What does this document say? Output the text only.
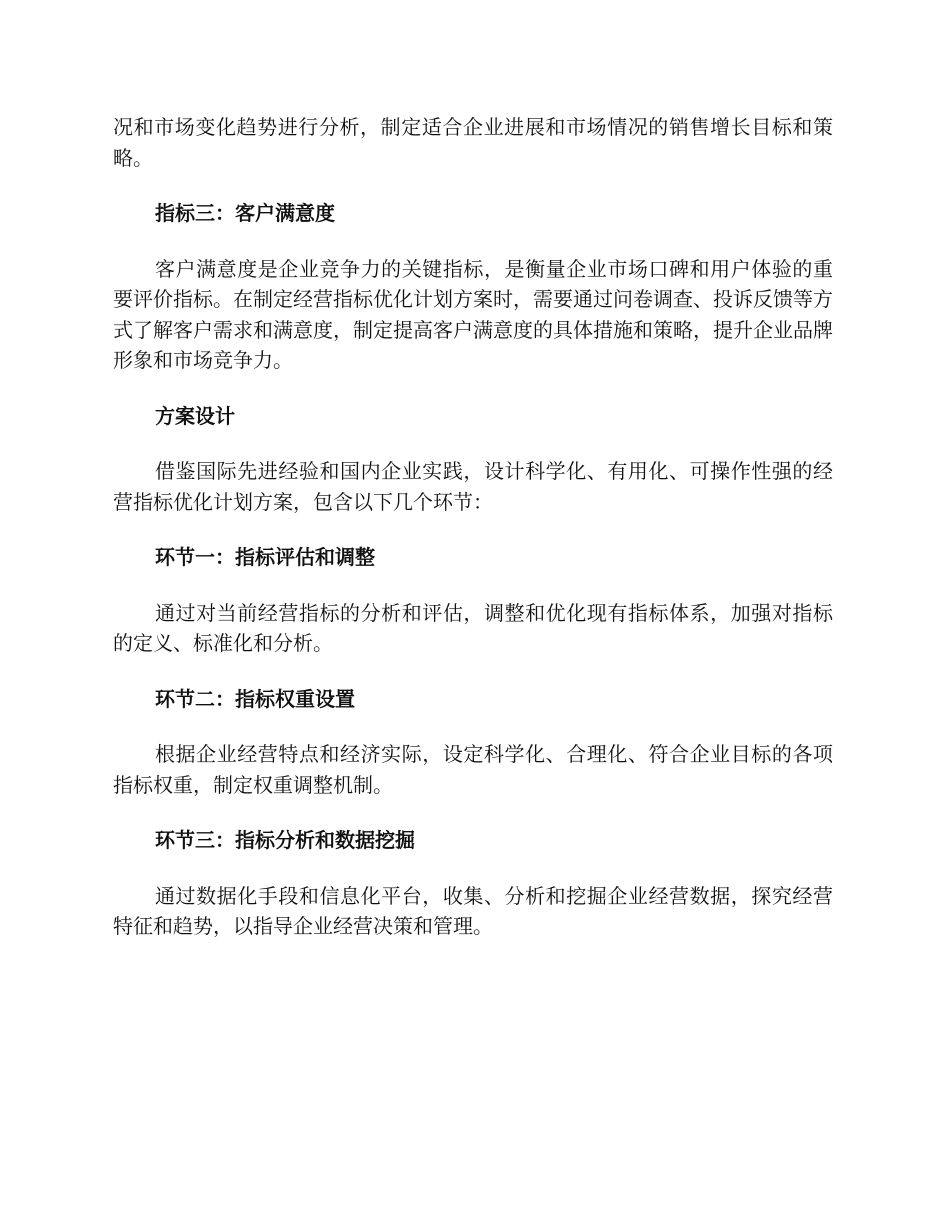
况和市场变化趋势进行分析，制定适合企业进展和市场情况的销售增长目标和策略。

指标三：客户满意度

客户满意度是企业竞争力的关键指标，是衡量企业市场口碑和用户体验的重要评价指标。在制定经营指标优化计划方案时，需要通过问卷调查、投诉反馈等方式了解客户需求和满意度，制定提高客户满意度的具体措施和策略，提升企业品牌形象和市场竞争力。

方案设计

借鉴国际先进经验和国内企业实践，设计科学化、有用化、可操作性强的经营指标优化计划方案，包含以下几个环节：

环节一：指标评估和调整

通过对当前经营指标的分析和评估，调整和优化现有指标体系，加强对指标的定义、标准化和分析。

环节二：指标权重设置

根据企业经营特点和经济实际，设定科学化、合理化、符合企业目标的各项指标权重，制定权重调整机制。

环节三：指标分析和数据挖掘

通过数据化手段和信息化平台，收集、分析和挖掘企业经营数据，探究经营特征和趋势，以指导企业经营决策和管理。
